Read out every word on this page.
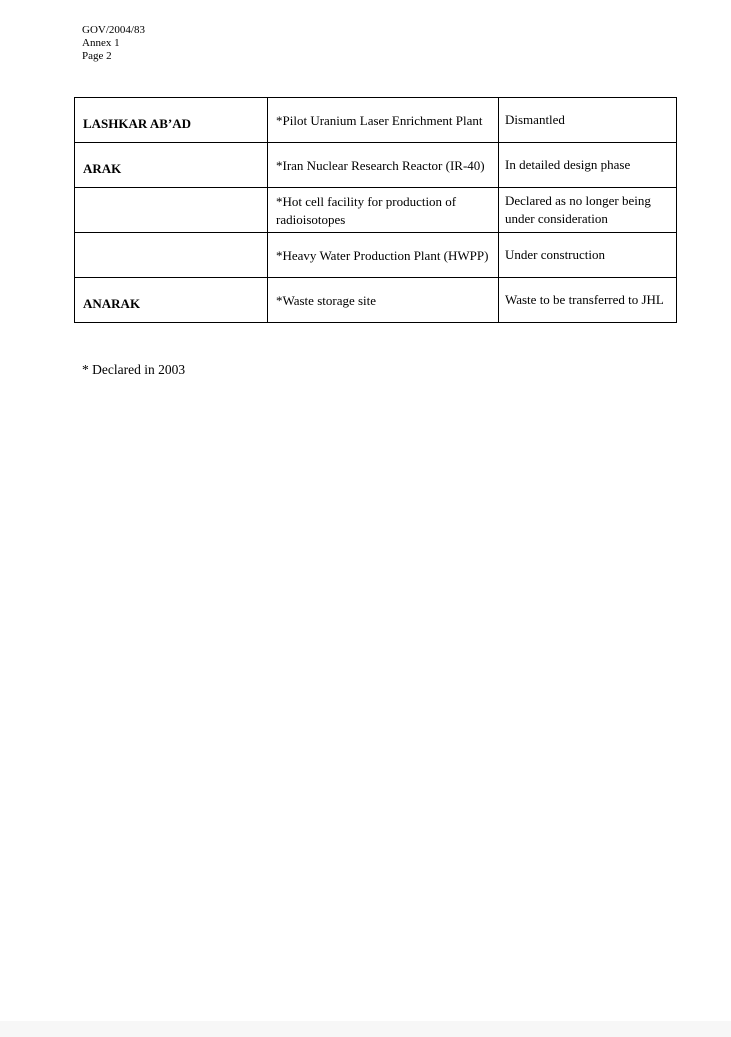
GOV/2004/83
Annex 1
Page 2
LASHKAR AB’AD	*Pilot Uranium Laser Enrichment Plant	Dismantled
ARAK	*Iran Nuclear Research Reactor (IR-40)	In detailed design phase
	*Hot cell facility for production of radioisotopes	Declared as no longer being under consideration
	*Heavy Water Production Plant (HWPP)	Under construction
ANARAK	*Waste storage site	Waste to be transferred to JHL
* Declared in 2003
